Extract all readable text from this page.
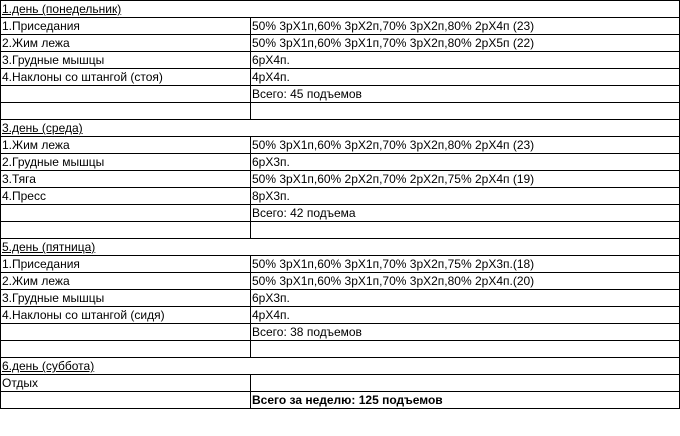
1.день (понедельник)	
1.Приседания	50% 3рХ1п,60% 3рХ2п,70% 3рХ2п,80% 2рХ4п (23)
2.Жим лежа	50% 3рХ1п,60% 3рХ1п,70% 3рХ2п,80% 2рХ5п (22)
3.Грудные мышцы	6рХ4п.
4.Наклоны со штангой (стоя)	4рХ4п.
	Всего: 45 подъемов

3.день (среда)	
1.Жим лежа	50% 3рХ1п,60% 3рХ2п,70% 3рХ2п,80% 2рХ4п (23)
2.Грудные мышцы	6рХ3п.
3.Тяга	50% 3рХ1п,60% 2рХ2п,70% 2рХ2п,75% 2рХ4п (19)
4.Пресс	8рХ3п.
	Всего: 42 подъема

5.день (пятница)	
1.Приседания	50% 3рХ1п,60% 3рХ1п,70% 3рХ2п,75% 2рХ3п.(18)
2.Жим лежа	50% 3рХ1п,60% 3рХ1п,70% 3рХ2п,80% 2рХ4п.(20)
3.Грудные мышцы	6рХ3п.
4.Наклоны со штангой (сидя)	4рХ4п.
	Всего: 38 подъемов

6.день (суббота)	
Отдых	
	Всего за неделю: 125 подъемов
